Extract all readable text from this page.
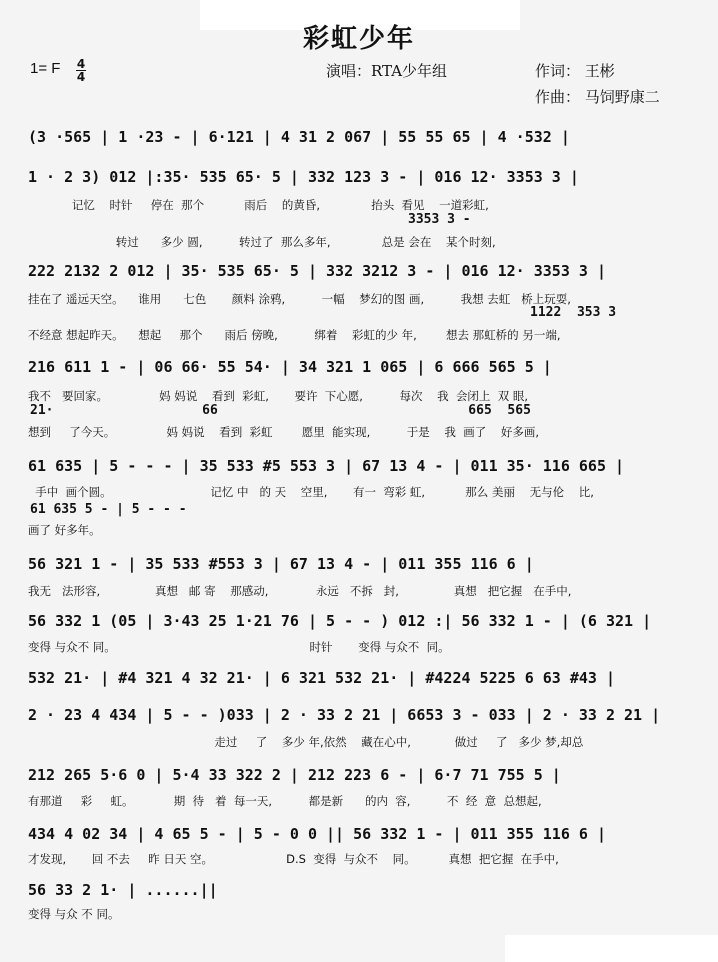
彩虹少年
1= F 4
4	演唱：RTA少年组	作词： 王彬
作曲： 马饲野康二
(3 ·565 | 1 ·23 - | 6·121 | 4 31 2 067 | 55 55 65 | 4 ·532 |
1 · 2 3) 012 |:35· 535 65· 5 | 332 123 3 - | 016 12· 3353 3 |
记忆    时针     停在  那个           雨后    的黄昏,              抬头  看见    一道彩虹,
3353 3 -
转过      多少 圆,          转过了  那么多年,              总是 会在    某个时刻,
222 2132 2 012 | 35· 535 65· 5 | 332 3212 3 - | 016 12· 3353 3 |
挂在了 遥远天空。    谁用      七色       颜料 涂鸦,          一幅    梦幻的图 画,          我想 去虹   桥上玩耍,
1122  353 3
不经意 想起昨天。    想起     那个      雨后 傍晚,          绑着    彩虹的少 年,        想去 那虹桥的 另一端,
216 611 1 - | 06 66· 55 54· | 34 321 1 065 | 6 666 565 5 |
我不   要回家。              妈 妈说    看到  彩虹,       要许  下心愿,          每次    我  会闭上  双 眼,
21·                   66                                665  565
想到     了今天。              妈 妈说    看到  彩虹        愿里  能实现,          于是    我  画了    好多画,
61 635 | 5 - - - | 35 533 #5 553 3 | 67 13 4 - | 011 35· 116 665 |
手中  画个圆。                           记忆 中   的 天    空里,       有一  弯彩 虹,           那么 美丽    无与伦    比,
61 635 5 - | 5 - - -
画了 好多年。
56 321 1 - | 35 533 #553 3 | 67 13 4 - | 011 355 116 6 |
我无   法形容,               真想   邮 寄    那感动,             永远   不拆   封,               真想   把它握   在手中,
56 332 1 (05 | 3·43 25 1·21 76 | 5 - - ) 012 :| 56 332 1 - | (6 321 |
变得 与众不 同。                                                     时针       变得 与众不  同。
532 21· | #4 321 4 32 21· | 6 321 532 21· | #4224 5225 6 63 #43 |
2 · 23 4 434 | 5 - - )033 | 2 · 33 2 21 | 6653 3 - 033 | 2 · 33 2 21 |
走过     了    多少 年,依然    藏在心中,            做过     了   多少 梦,却总
212 265 5·6 0 | 5·4 33 322 2 | 212 223 6 - | 6·7 71 755 5 |
有那道     彩     虹。           期  待   着  每一天,          都是新      的内  容,          不  经  意  总想起,
434 4 02 34 | 4 65 5 - | 5 - 0 0 || 56 332 1 - | 011 355 116 6 |
才发现,       回 不去     昨 日天 空。                    D.S  变得  与众不    同。         真想  把它握  在手中,
56 33 2 1· | ......||
变得 与众 不 同。
